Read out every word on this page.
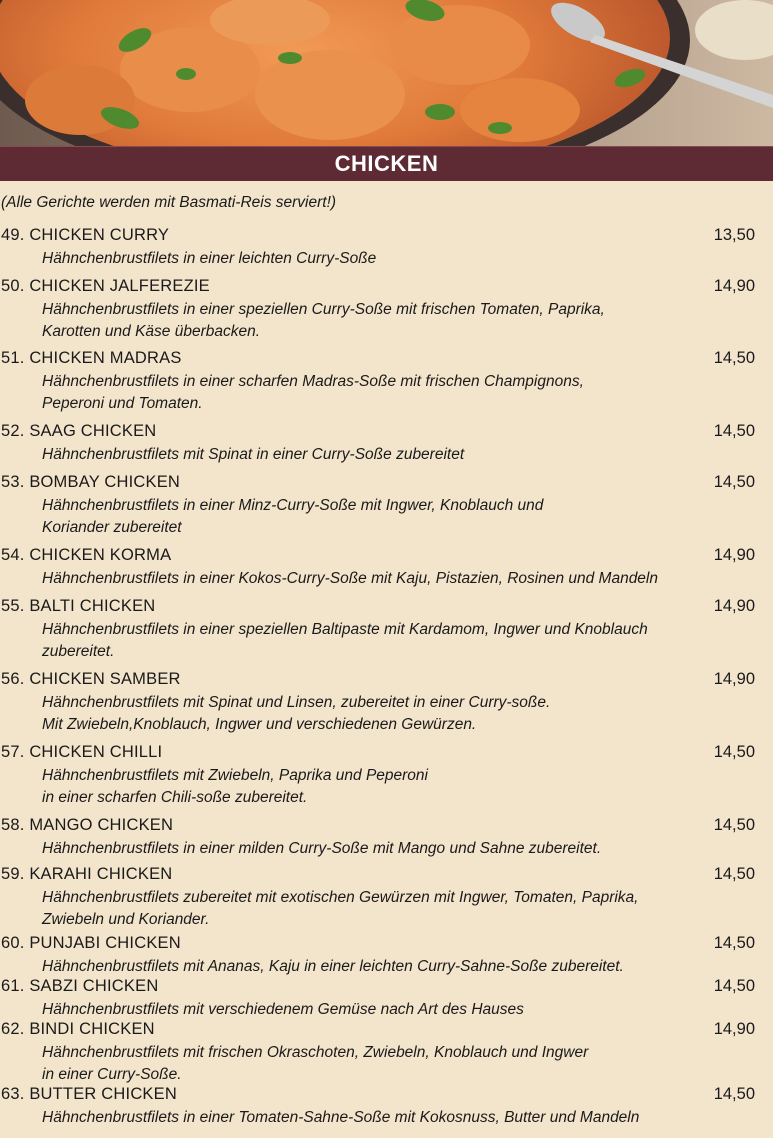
CHICKEN
(Alle Gerichte werden mit Basmati-Reis serviert!)
49. CHICKEN CURRY	13,50
Hähnchenbrustfilets in einer leichten Curry-Soße
50. CHICKEN JALFEREZIE	14,90
Hähnchenbrustfilets in einer speziellen Curry-Soße mit frischen Tomaten, Paprika,
Karotten und Käse überbacken.
51. CHICKEN MADRAS	14,50
Hähnchenbrustfilets in einer scharfen Madras-Soße mit frischen Champignons,
Peperoni und Tomaten.
52. SAAG CHICKEN	14,50
Hähnchenbrustfilets mit Spinat in einer Curry-Soße zubereitet
53. BOMBAY CHICKEN	14,50
Hähnchenbrustfilets in einer Minz-Curry-Soße mit Ingwer, Knoblauch und
Koriander zubereitet
54. CHICKEN KORMA	14,90
Hähnchenbrustfilets in einer Kokos-Curry-Soße mit Kaju, Pistazien, Rosinen und Mandeln
55. BALTI CHICKEN	14,90
Hähnchenbrustfilets in einer speziellen Baltipaste mit Kardamom, Ingwer und Knoblauch
zubereitet.
56. CHICKEN SAMBER	14,90
Hähnchenbrustfilets mit Spinat und Linsen, zubereitet in einer Curry-soße.
Mit Zwiebeln,Knoblauch, Ingwer und verschiedenen Gewürzen.
57. CHICKEN CHILLI	14,50
Hähnchenbrustfilets mit Zwiebeln, Paprika und Peperoni
in einer scharfen Chili-soße zubereitet.
58. MANGO CHICKEN	14,50
Hähnchenbrustfilets in einer milden Curry-Soße mit Mango und Sahne zubereitet.
59. KARAHI CHICKEN	14,50
Hähnchenbrustfilets zubereitet mit exotischen Gewürzen mit Ingwer, Tomaten, Paprika,
Zwiebeln und Koriander.
60. PUNJABI CHICKEN	14,50
Hähnchenbrustfilets mit Ananas, Kaju in einer leichten Curry-Sahne-Soße zubereitet.
61. SABZI CHICKEN	14,50
Hähnchenbrustfilets mit verschiedenem Gemüse nach Art des Hauses
62. BINDI CHICKEN	14,90
Hähnchenbrustfilets mit frischen Okraschoten, Zwiebeln, Knoblauch und Ingwer
in einer Curry-Soße.
63. BUTTER CHICKEN	14,50
Hähnchenbrustfilets in einer Tomaten-Sahne-Soße mit Kokosnuss, Butter und Mandeln
